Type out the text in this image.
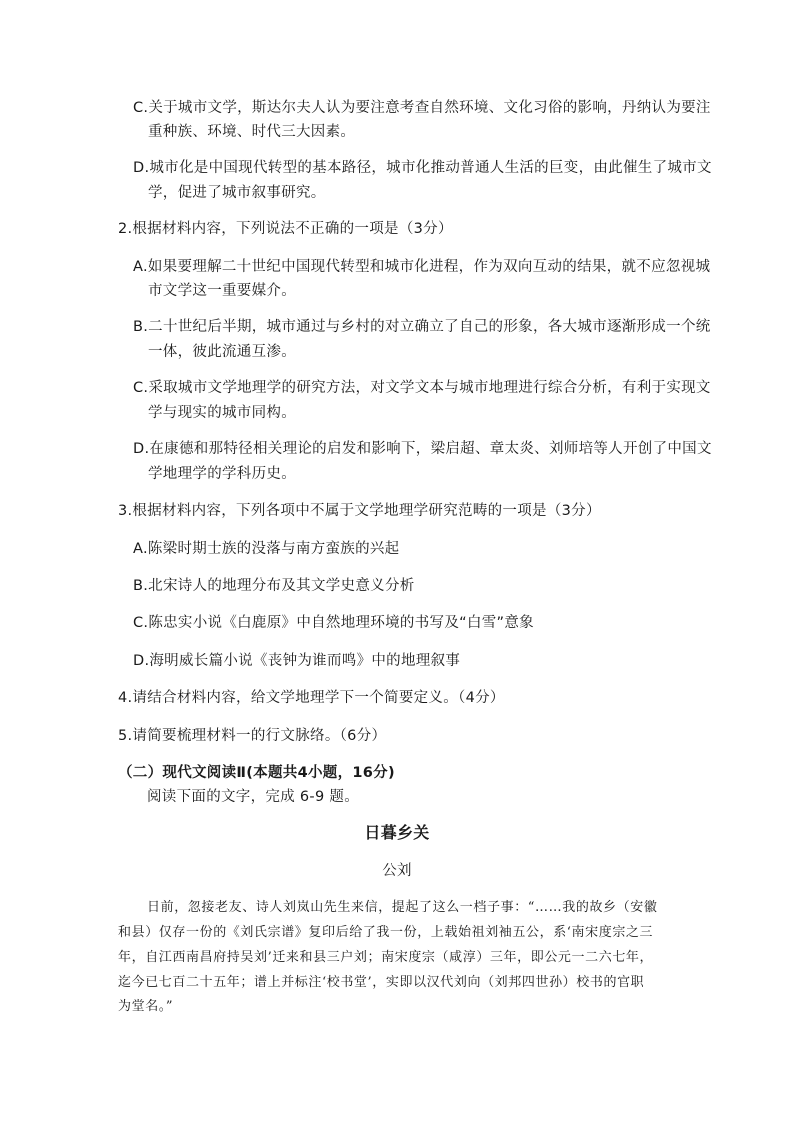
C.关于城市文学，斯达尔夫人认为要注意考查自然环境、文化习俗的影响，丹纳认为要注
重种族、环境、时代三大因素。
D.城市化是中国现代转型的基本路径，城市化推动普通人生活的巨变，由此催生了城市文
学，促进了城市叙事研究。
2.根据材料内容，下列说法不正确的一项是（3分）
A.如果要理解二十世纪中国现代转型和城市化进程，作为双向互动的结果，就不应忽视城
市文学这一重要媒介。
B.二十世纪后半期，城市通过与乡村的对立确立了自己的形象，各大城市逐渐形成一个统
一体，彼此流通互渗。
C.采取城市文学地理学的研究方法，对文学文本与城市地理进行综合分析，有利于实现文
学与现实的城市同构。
D.在康德和那特径相关理论的启发和影响下，梁启超、章太炎、刘师培等人开创了中国文
学地理学的学科历史。
3.根据材料内容，下列各项中不属于文学地理学研究范畴的一项是（3分）
A.陈梁时期士族的没落与南方蛮族的兴起
B.北宋诗人的地理分布及其文学史意义分析
C.陈忠实小说《白鹿原》中自然地理环境的书写及“白雪”意象
D.海明威长篇小说《丧钟为谁而鸣》中的地理叙事
4.请结合材料内容，给文学地理学下一个简要定义。（4分）
5.请简要梳理材料一的行文脉络。（6分）
（二）现代文阅读Ⅱ(本题共4小题，16分)
阅读下面的文字，完成 6-9 题。
日暮乡关
公刘
日前，忽接老友、诗人刘岚山先生来信，提起了这么一档子事：“……我的故乡（安徽
和县）仅存一份的《刘氏宗谱》复印后给了我一份，上载始祖刘袖五公，系‘南宋度宗之三
年，自江西南昌府持吴刘’迁来和县三户刘；南宋度宗（咸淳）三年，即公元一二六七年，
迄今已七百二十五年；谱上并标注‘校书堂’，实即以汉代刘向（刘邦四世孙）校书的官职
为堂名。”
